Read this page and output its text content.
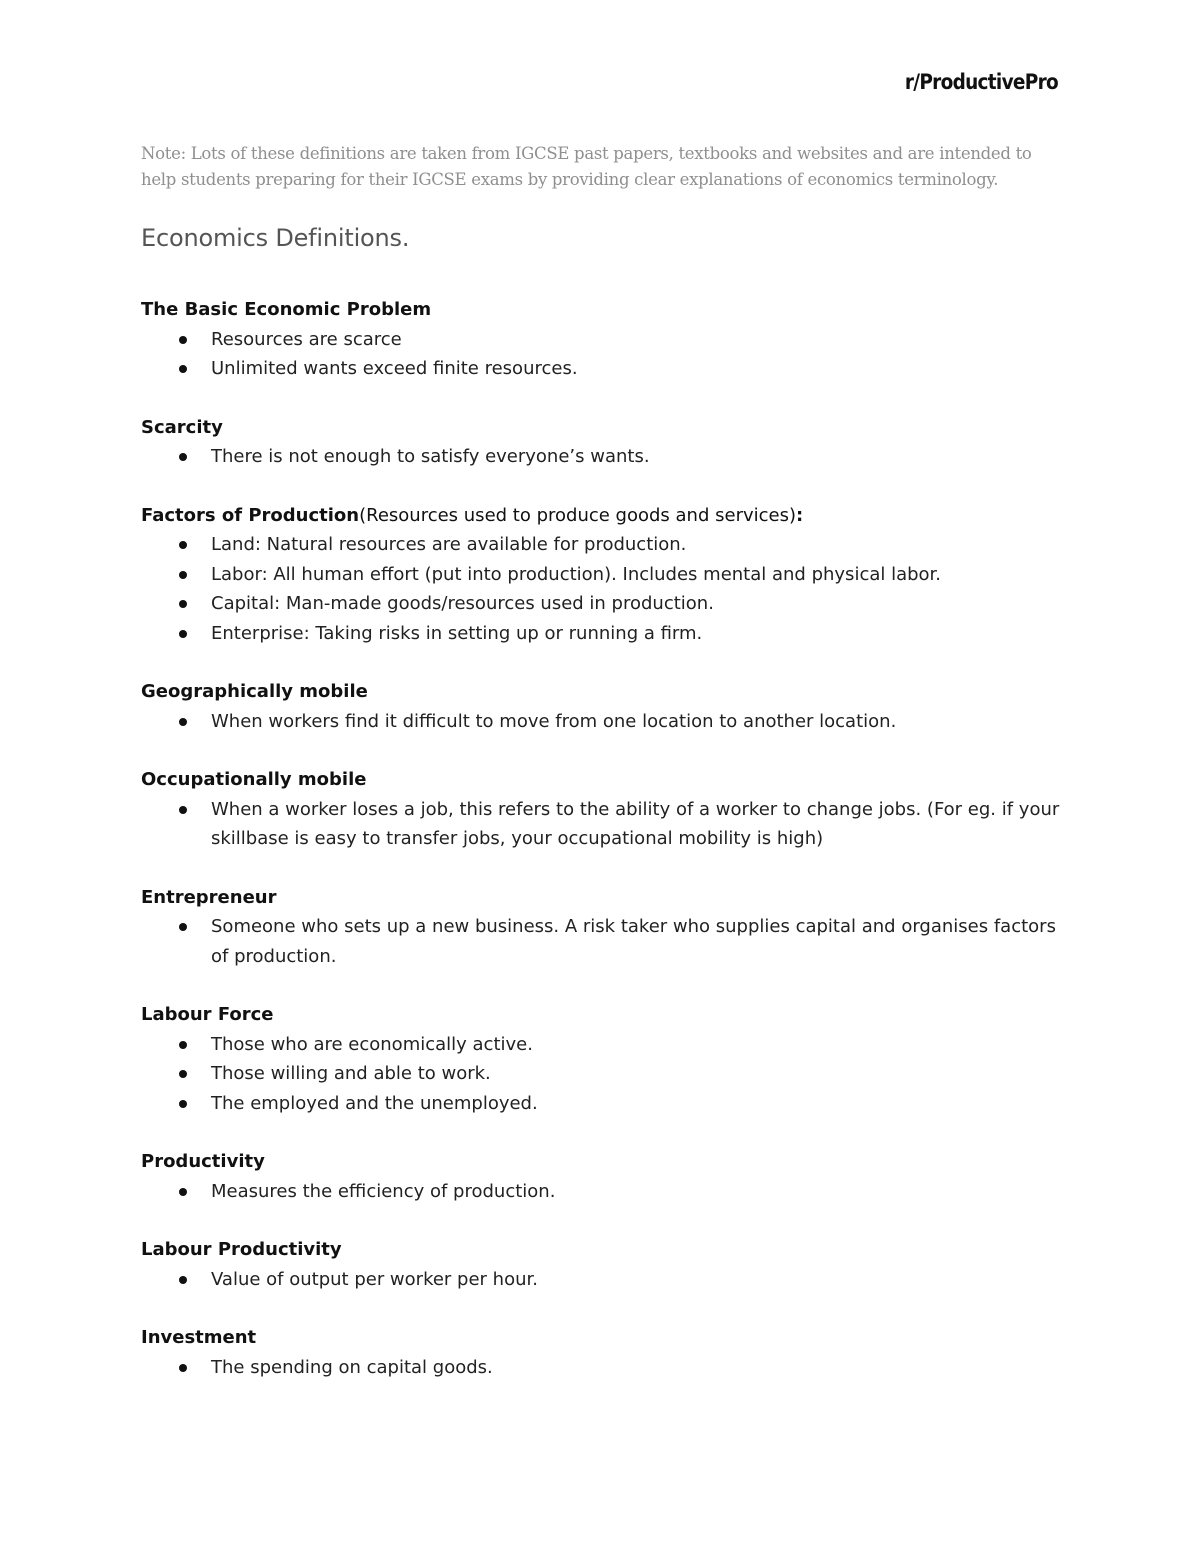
r/ProductivePro
Note: Lots of these definitions are taken from IGCSE past papers, textbooks and websites and are intended to help students preparing for their IGCSE exams by providing clear explanations of economics terminology.
Economics Definitions.
The Basic Economic Problem
Resources are scarce
Unlimited wants exceed finite resources.
Scarcity
There is not enough to satisfy everyone’s wants.
Factors of Production(Resources used to produce goods and services):
Land: Natural resources are available for production.
Labor: All human effort (put into production). Includes mental and physical labor.
Capital: Man-made goods/resources used in production.
Enterprise: Taking risks in setting up or running a firm.
Geographically mobile
When workers find it difficult to move from one location to another location.
Occupationally mobile
When a worker loses a job, this refers to the ability of a worker to change jobs. (For eg. if your skillbase is easy to transfer jobs, your occupational mobility is high)
Entrepreneur
Someone who sets up a new business. A risk taker who supplies capital and organises factors of production.
Labour Force
Those who are economically active.
Those willing and able to work.
The employed and the unemployed.
Productivity
Measures the efficiency of production.
Labour Productivity
Value of output per worker per hour.
Investment
The spending on capital goods.
